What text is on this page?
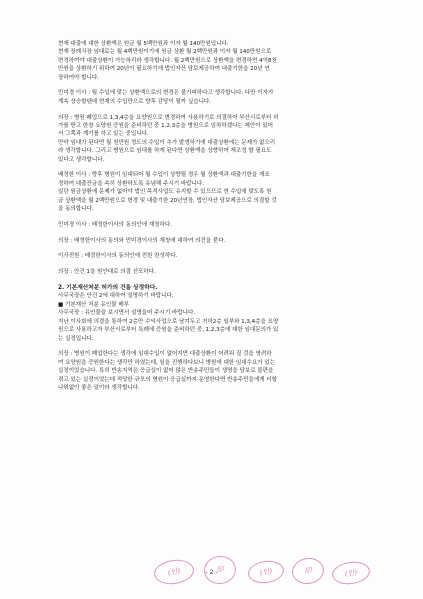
현재 대출에 대한 상환액은 원금 월 5백만원과 이자 월 140만원입니다.

현재 장례식장 임대료는 월 4백만원이기에 원금 상환 월 2백만원과 이자 월 140만원으로
변경하여야 대출상환이 가능하리라 생각합니다. 월 2백만원으로 상환액을 변경하면 4억8천
만원을 상환하기 위하여 20년이 필요하기에 법인자산 담보제공하여 대출기한을 20년 연
장하여야 합니다.

민미경 이사 : 월 수입에 맞는 상환액으로의 변경은 불가피하다고 생각합니다. 다만 이자가
계속 상승할텐데 현재의 수입만으로 향후 감당이 될까 싶습니다.

의장 : 병원 폐업으로 1,3,4층을 요양원으로 변경하여 사용하기로 의결하여 부산시로부터 허
가를 받고 한창 요양원 증원을 준비하던 중 1,2,3층을 병원으로 임차하겠다는 제안이 있어
서 그쪽과 계기를 하고 있는 중입니다.
만약 임대가 된다면 월 천만원 정도의 수입이 추가 발생하기에 대출상환에는 문제가 없으리
라 생각합니다. 그리고 병원으로 임대를 하게 된다면 상환액을 상향하여 재조정 할 필요도
있다고 생각합니다.

배정한 이사 : 향후 병원이 임대되어 월 수입이 상향될 경우 월 상환액과 대출기한을 재조
정하여 대출잔금을 속히 상환하도록 유념해 주시기 바랍니다.
일단 원금상환에 문제가 없어야 법인 목적사업도 유지할 수 있으므로 현 수입에 맞도록 원
금 상환액을 월 2백만원으로 변경 및 대출기한 20년연장, 법인자산 담보제공으로 의결할 것
을 동의합니다.

민미경 이사 : 배정한이사의 동의안에 재청하다.

의장 : 배정한이사의 동의와 민미경이사의 재청에 대하여 의견을 묻다.

이사전원 : 배정한이사의 동의안에 전원 찬성하다.

의장 : 안건 1을 원안대로 의결 선포하다.

2. 기본재산처분 허가의 건을 상정하다.

사무국장은 안건 2에 대하여 설명하기 바랍니다.
■ 기본재산 처분 유인물 배부
사무국장 : 유인물을 보시면서 설명들어 주시기 바랍니다.
지난 이사회에 의결을 통하여 2층만 수익사업으로 남겨두고 지하2층 일부와 1,3,4층을 요양
원으로 사용하고자 부산시로부터 특례에 증원을 준비하던 중, 1,2,3층에 대한 임대문의가 있
는 실정입니다.

의장 : 병원이 폐업한다는 생각에 임대수입이 없어지면 대출상환이 어려워 질 것을 염려하
여 요양원을 증원한다는 생각만 하였는데, 일을 진행하다보니 병원에 대한 임대수요가 있는
실정이었습니다. 특히 반송지역은 응급실이 없어 많은 반송주민들이 생명을 담보로 불편을
겪고 있는 실정이었는데 적당한 규모의 병원이 응급실까지 운영한다면 반송주민들에게 더할
나위없이 좋은 일이라 생각합니다.

(인)	印	(인)	印	(인)
- 2 -
